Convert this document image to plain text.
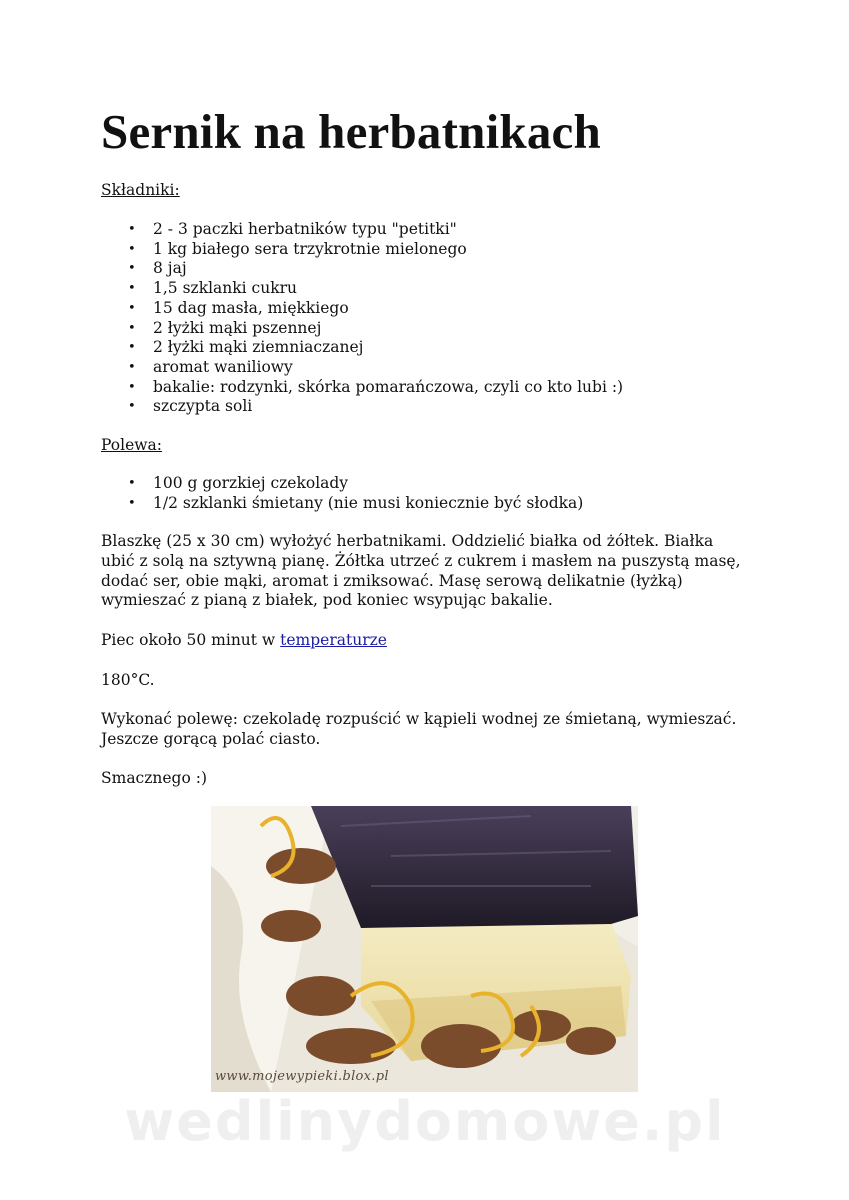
Sernik na herbatnikach
Składniki:
• 2 - 3 paczki herbatników typu "petitki"
• 1 kg białego sera trzykrotnie mielonego
• 8 jaj
• 1,5 szklanki cukru
• 15 dag masła, miękkiego
• 2 łyżki mąki pszennej
• 2 łyżki mąki ziemniaczanej
• aromat waniliowy
• bakalie: rodzynki, skórka pomarańczowa, czyli co kto lubi :)
• szczypta soli
Polewa:
• 100 g gorzkiej czekolady
• 1/2 szklanki śmietany (nie musi koniecznie być słodka)

Blaszkę (25 x 30 cm) wyłożyć herbatnikami. Oddzielić białka od żółtek. Białka ubić z solą na sztywną pianę. Żółtka utrzeć z cukrem i masłem na puszystą masę, dodać ser, obie mąki, aromat i zmiksować. Masę serową delikatnie (łyżką) wymieszać z pianą z białek, pod koniec wsypując bakalie.

Piec około 50 minut w temperaturze

180°C.

Wykonać polewę: czekoladę rozpuścić w kąpieli wodnej ze śmietaną, wymieszać. Jeszcze gorącą polać ciasto.

Smacznego :)

www.mojewypieki.blox.pl
wedlinydomowe.pl
